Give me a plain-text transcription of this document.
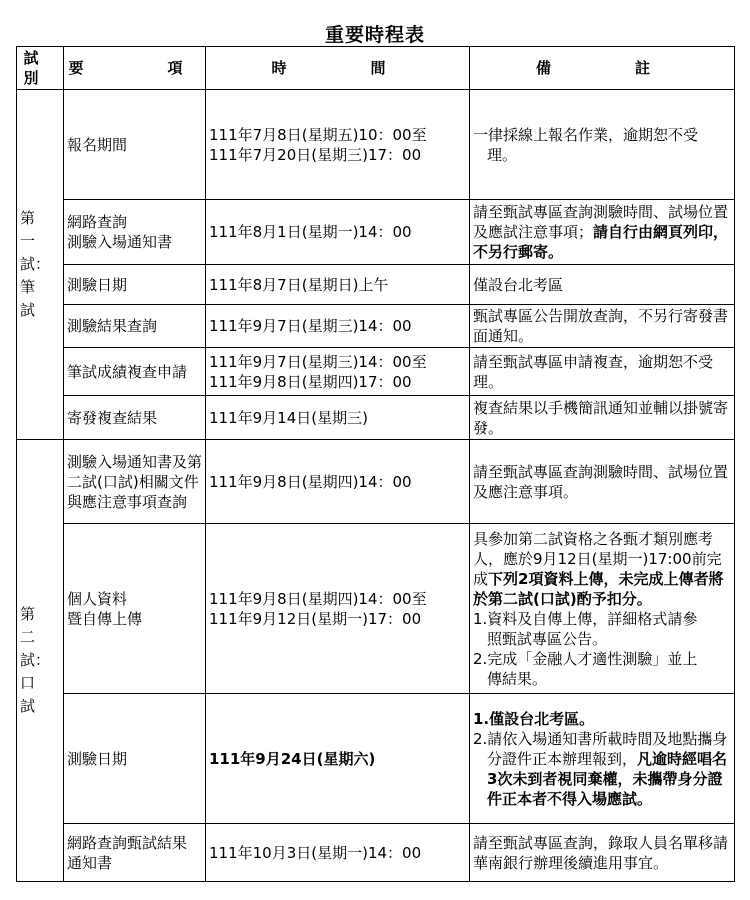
重要時程表
試別	要　　項	時　　間	備　　註
第一試：筆試	報名期間	111年7月8日(星期五)10：00至
111年7月20日(星期三)17：00	一律採線上報名作業，逾期恕不受
理。

	網路查詢
測驗入場通知書	111年8月1日(星期一)14：00	請至甄試專區查詢測驗時間、試場位置及應試注意事項；請自行由網頁列印，不另行郵寄。
	測驗日期	111年8月7日(星期日)上午	僅設台北考區
	測驗結果查詢	111年9月7日(星期三)14：00	甄試專區公告開放查詢，不另行寄發書面通知。
	筆試成績複查申請	111年9月7日(星期三)14：00至
111年9月8日(星期四)17：00	請至甄試專區申請複查，逾期恕不受理。
	寄發複查結果	111年9月14日(星期三)	複查結果以手機簡訊通知並輔以掛號寄發。
第二試：口試	測驗入場通知書及第二試(口試)相關文件與應注意事項查詢	111年9月8日(星期四)14：00	請至甄試專區查詢測驗時間、試場位置及應注意事項。

	個人資料
暨自傳上傳	111年9月8日(星期四)14：00至
111年9月12日(星期一)17：00	具參加第二試資格之各甄才類別應考人，應於9月12日(星期一)17:00前完成下列2項資料上傳，未完成上傳者將於第二試(口試)酌予扣分。
1.資料及自傳上傳，詳細格式請參
照甄試專區公告。
2.完成「金融人才適性測驗」並上
傳結果。

	測驗日期	111年9月24日(星期六)	1.僅設台北考區。
2.請依入場通知書所載時間及地點攜身分證件正本辦理報到，凡逾時經唱名3次未到者視同棄權，未攜帶身分證件正本者不得入場應試。

	網路查詢甄試結果
通知書	111年10月3日(星期一)14：00	請至甄試專區查詢，錄取人員名單移請華南銀行辦理後續進用事宜。
